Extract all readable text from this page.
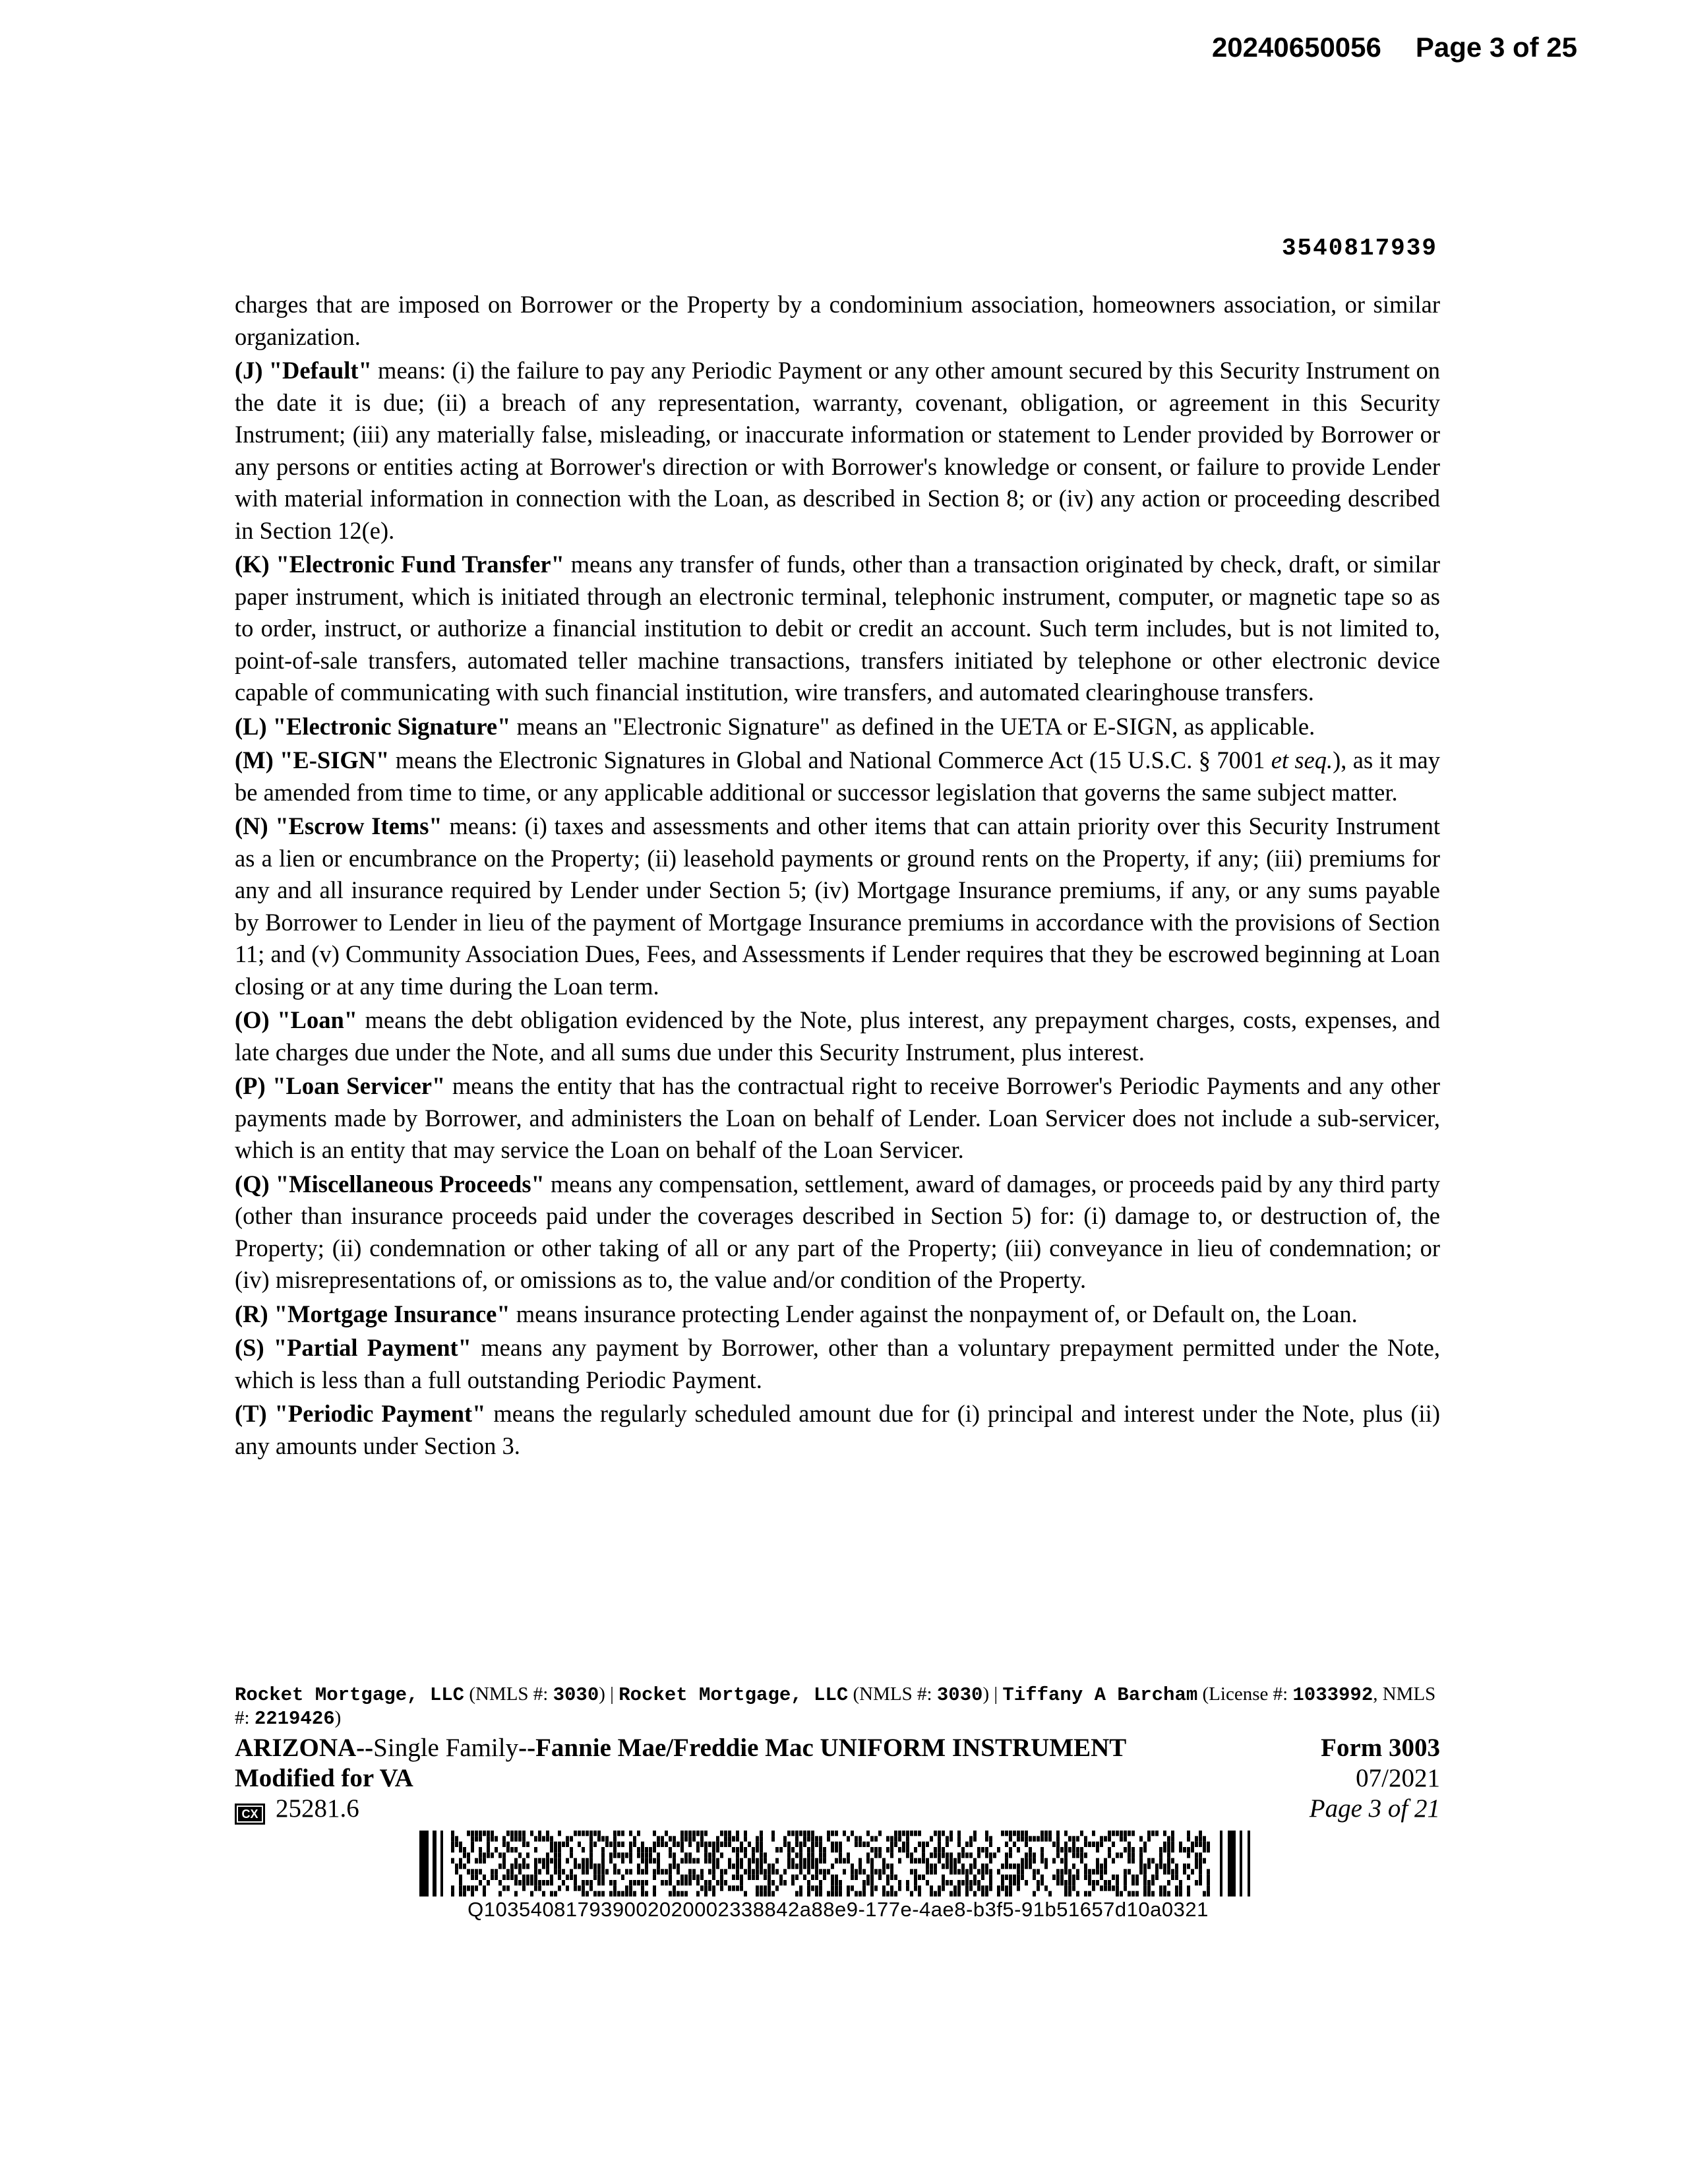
20240650056 Page 3 of 25
3540817939

charges that are imposed on Borrower or the Property by a condominium association, homeowners association, or similar organization.

(J) "Default" means: (i) the failure to pay any Periodic Payment or any other amount secured by this Security Instrument on the date it is due; (ii) a breach of any representation, warranty, covenant, obligation, or agreement in this Security Instrument; (iii) any materially false, misleading, or inaccurate information or statement to Lender provided by Borrower or any persons or entities acting at Borrower's direction or with Borrower's knowledge or consent, or failure to provide Lender with material information in connection with the Loan, as described in Section 8; or (iv) any action or proceeding described in Section 12(e).

(K) "Electronic Fund Transfer" means any transfer of funds, other than a transaction originated by check, draft, or similar paper instrument, which is initiated through an electronic terminal, telephonic instrument, computer, or magnetic tape so as to order, instruct, or authorize a financial institution to debit or credit an account. Such term includes, but is not limited to, point-of-sale transfers, automated teller machine transactions, transfers initiated by telephone or other electronic device capable of communicating with such financial institution, wire transfers, and automated clearinghouse transfers.

(L) "Electronic Signature" means an "Electronic Signature" as defined in the UETA or E-SIGN, as applicable.

(M) "E-SIGN" means the Electronic Signatures in Global and National Commerce Act (15 U.S.C. § 7001 et seq.), as it may be amended from time to time, or any applicable additional or successor legislation that governs the same subject matter.

(N) "Escrow Items" means: (i) taxes and assessments and other items that can attain priority over this Security Instrument as a lien or encumbrance on the Property; (ii) leasehold payments or ground rents on the Property, if any; (iii) premiums for any and all insurance required by Lender under Section 5; (iv) Mortgage Insurance premiums, if any, or any sums payable by Borrower to Lender in lieu of the payment of Mortgage Insurance premiums in accordance with the provisions of Section 11; and (v) Community Association Dues, Fees, and Assessments if Lender requires that they be escrowed beginning at Loan closing or at any time during the Loan term.

(O) "Loan" means the debt obligation evidenced by the Note, plus interest, any prepayment charges, costs, expenses, and late charges due under the Note, and all sums due under this Security Instrument, plus interest.

(P) "Loan Servicer" means the entity that has the contractual right to receive Borrower's Periodic Payments and any other payments made by Borrower, and administers the Loan on behalf of Lender. Loan Servicer does not include a sub-servicer, which is an entity that may service the Loan on behalf of the Loan Servicer.

(Q) "Miscellaneous Proceeds" means any compensation, settlement, award of damages, or proceeds paid by any third party (other than insurance proceeds paid under the coverages described in Section 5) for: (i) damage to, or destruction of, the Property; (ii) condemnation or other taking of all or any part of the Property; (iii) conveyance in lieu of condemnation; or (iv) misrepresentations of, or omissions as to, the value and/or condition of the Property.

(R) "Mortgage Insurance" means insurance protecting Lender against the nonpayment of, or Default on, the Loan.

(S) "Partial Payment" means any payment by Borrower, other than a voluntary prepayment permitted under the Note, which is less than a full outstanding Periodic Payment.

(T) "Periodic Payment" means the regularly scheduled amount due for (i) principal and interest under the Note, plus (ii) any amounts under Section 3.

Rocket Mortgage, LLC (NMLS #: 3030) | Rocket Mortgage, LLC (NMLS #: 3030) | Tiffany A Barcham (License #: 1033992, NMLS #: 2219426)
ARIZONA--Single Family--Fannie Mae/Freddie Mac UNIFORM INSTRUMENT
Modified for VA
CX 25281.6
Form 3003
07/2021
Page 3 of 21
Q103540817939002020002338842a88e9-177e-4ae8-b3f5-91b51657d10a0321
